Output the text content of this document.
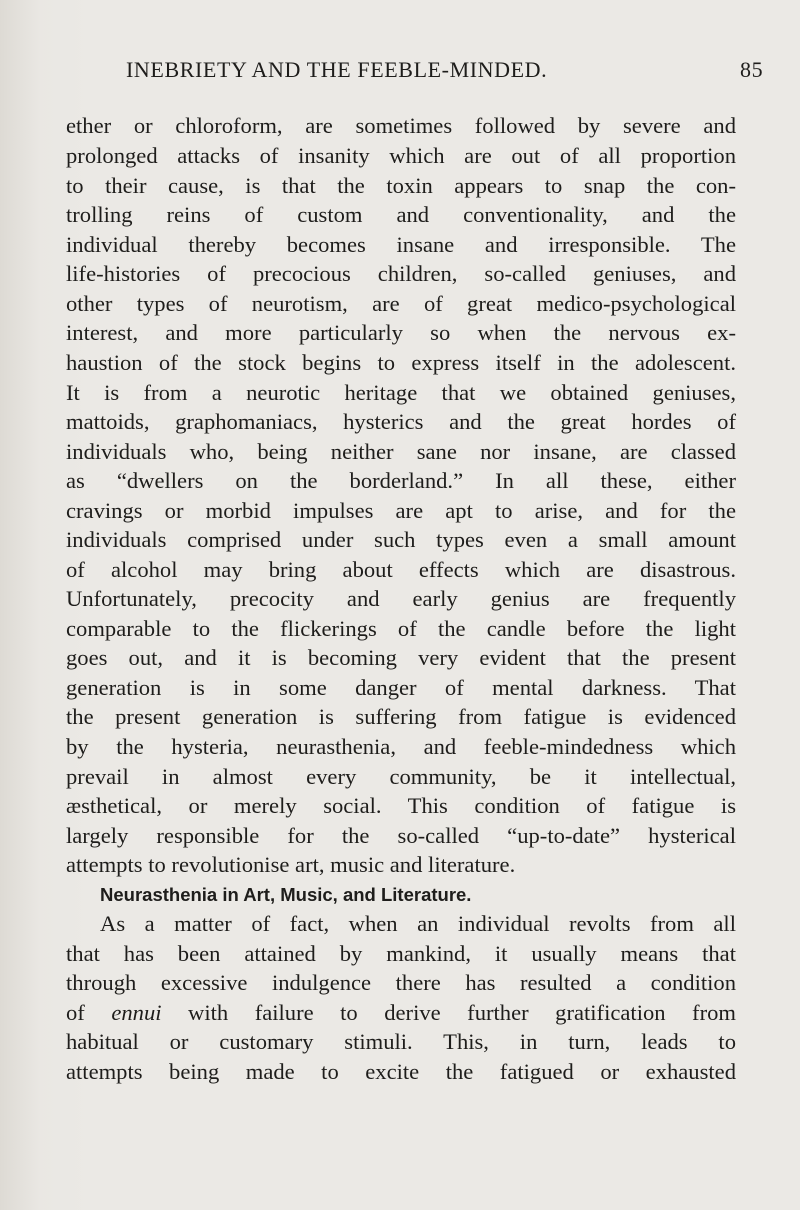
INEBRIETY AND THE FEEBLE-MINDED.	85
ether or chloroform, are sometimes followed by severe and
prolonged attacks of insanity which are out of all proportion
to their cause, is that the toxin appears to snap the con-
trolling reins of custom and conventionality, and the
individual thereby becomes insane and irresponsible. The
life-histories of precocious children, so-called geniuses, and
other types of neurotism, are of great medico-psychological
interest, and more particularly so when the nervous ex-
haustion of the stock begins to express itself in the adolescent.
It is from a neurotic heritage that we obtained geniuses,
mattoids, graphomaniacs, hysterics and the great hordes of
individuals who, being neither sane nor insane, are classed
as “dwellers on the borderland.” In all these, either
cravings or morbid impulses are apt to arise, and for the
individuals comprised under such types even a small amount
of alcohol may bring about effects which are disastrous.
Unfortunately, precocity and early genius are frequently
comparable to the flickerings of the candle before the light
goes out, and it is becoming very evident that the present
generation is in some danger of mental darkness. That
the present generation is suffering from fatigue is evidenced
by the hysteria, neurasthenia, and feeble-mindedness which
prevail in almost every community, be it intellectual,
æsthetical, or merely social. This condition of fatigue is
largely responsible for the so-called “up-to-date” hysterical
attempts to revolutionise art, music and literature.
Neurasthenia in Art, Music, and Literature.
As a matter of fact, when an individual revolts from all
that has been attained by mankind, it usually means that
through excessive indulgence there has resulted a condition
of ennui with failure to derive further gratification from
habitual or customary stimuli. This, in turn, leads to
attempts being made to excite the fatigued or exhausted
